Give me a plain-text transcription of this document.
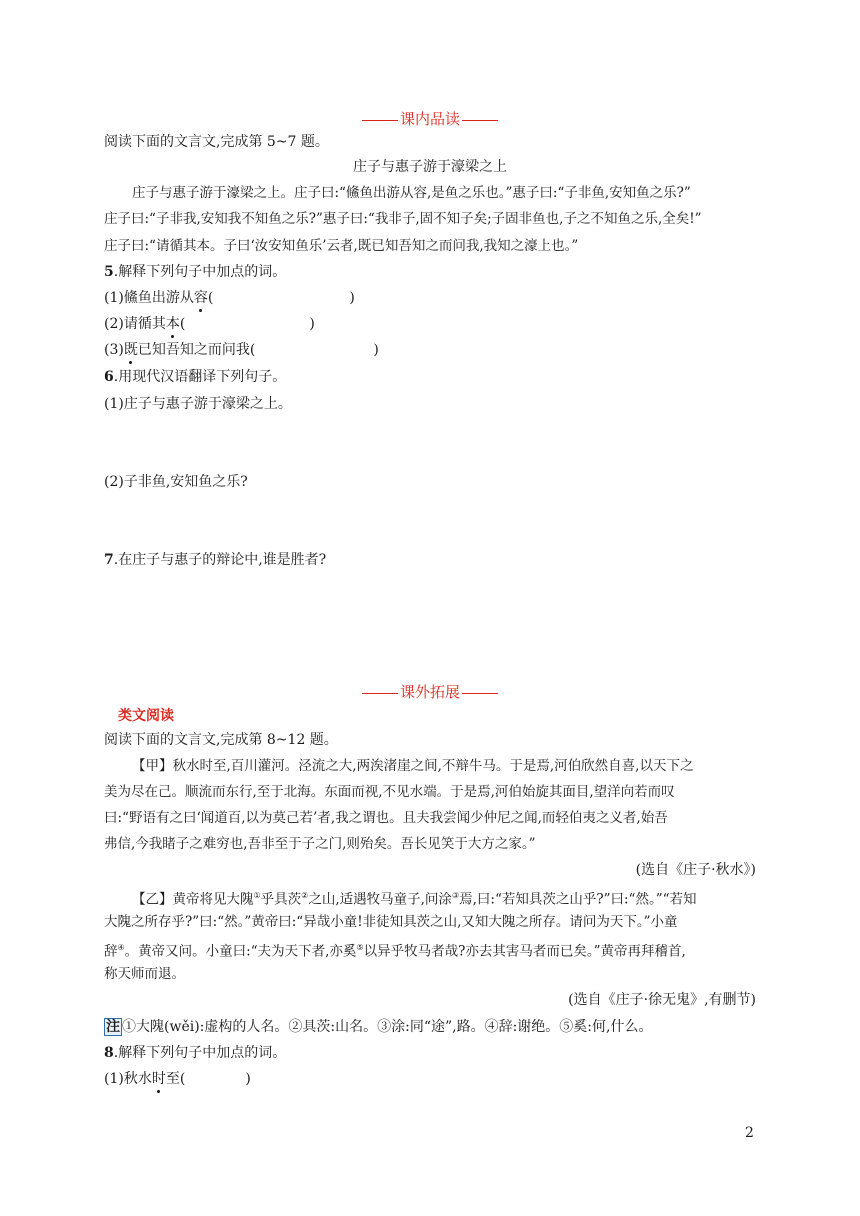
课内品读
阅读下面的文言文,完成第 5~7 题。
庄子与惠子游于濠梁之上
庄子与惠子游于濠梁之上。庄子曰:“鯈鱼出游从容,是鱼之乐也。”惠子曰:“子非鱼,安知鱼之乐?”
庄子曰:“子非我,安知我不知鱼之乐?”惠子曰:“我非子,固不知子矣;子固非鱼也,子之不知鱼之乐,全矣!”
庄子曰:“请循其本。子曰‘汝安知鱼乐’云者,既已知吾知之而问我,我知之濠上也。”
5.解释下列句子中加点的词。
(1)鯈鱼出游从容(	)
(2)请循其本(	)
(3)既已知吾知之而问我(	)
6.用现代汉语翻译下列句子。
(1)庄子与惠子游于濠梁之上。
(2)子非鱼,安知鱼之乐?
7.在庄子与惠子的辩论中,谁是胜者?
课外拓展
类文阅读
阅读下面的文言文,完成第 8~12 题。
【甲】秋水时至,百川灌河。泾流之大,两涘渚崖之间,不辩牛马。于是焉,河伯欣然自喜,以天下之
美为尽在己。顺流而东行,至于北海。东面而视,不见水端。于是焉,河伯始旋其面目,望洋向若而叹
曰:“野语有之曰‘闻道百,以为莫己若’者,我之谓也。且夫我尝闻少仲尼之闻,而轻伯夷之义者,始吾
弗信,今我睹子之难穷也,吾非至于子之门,则殆矣。吾长见笑于大方之家。”
(选自《庄子·秋水》)
【乙】黄帝将见大隗①乎具茨②之山,适遇牧马童子,问涂③焉,曰:“若知具茨之山乎?”曰:“然。”“若知
大隗之所存乎?”曰:“然。”黄帝曰:“异哉小童!非徒知具茨之山,又知大隗之所存。请问为天下。”小童
辞④。黄帝又问。小童曰:“夫为天下者,亦奚⑤以异乎牧马者哉?亦去其害马者而已矣。”黄帝再拜稽首,
称天师而退。
(选自《庄子·徐无鬼》,有删节)
注 ①大隗(wěi):虚构的人名。②具茨:山名。③涂:同“途”,路。④辞:谢绝。⑤奚:何,什么。
8.解释下列句子中加点的词。
(1)秋水时至(	)
2
